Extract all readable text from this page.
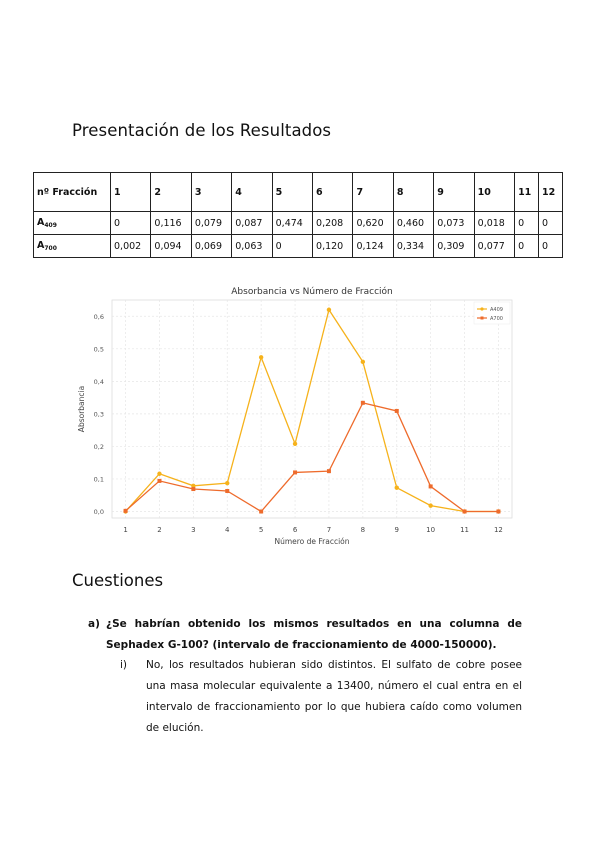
Presentación de los Resultados
nº Fracción	1	2	3	4	5	6	7	8	9	10	11	12
$A_{409}$	0	0,116	0,079	0,087	0,474	0,208	0,620	0,460	0,073	0,018	0	0
$A_{700}$	0,002	0,094	0,069	0,063	0	0,120	0,124	0,334	0,309	0,077	0	0
0,0
0,1
0,2
0,3
0,4
0,5
0,6
1	2	3	4	5	6	7	8	9	10	11	12
Absorbancia vs Número de Fracción
Número de Fracción
Absorbancia
A409
A700
Cuestiones
a) ¿Se habrían obtenido los mismos resultados en una columna de Sephadex G-100? (intervalo de fraccionamiento de 4000-150000).
i)	No, los resultados hubieran sido distintos. El sulfato de cobre posee una masa molecular equivalente a 13400, número el cual entra en el intervalo de fraccionamiento por lo que hubiera caído como volumen de elución.
